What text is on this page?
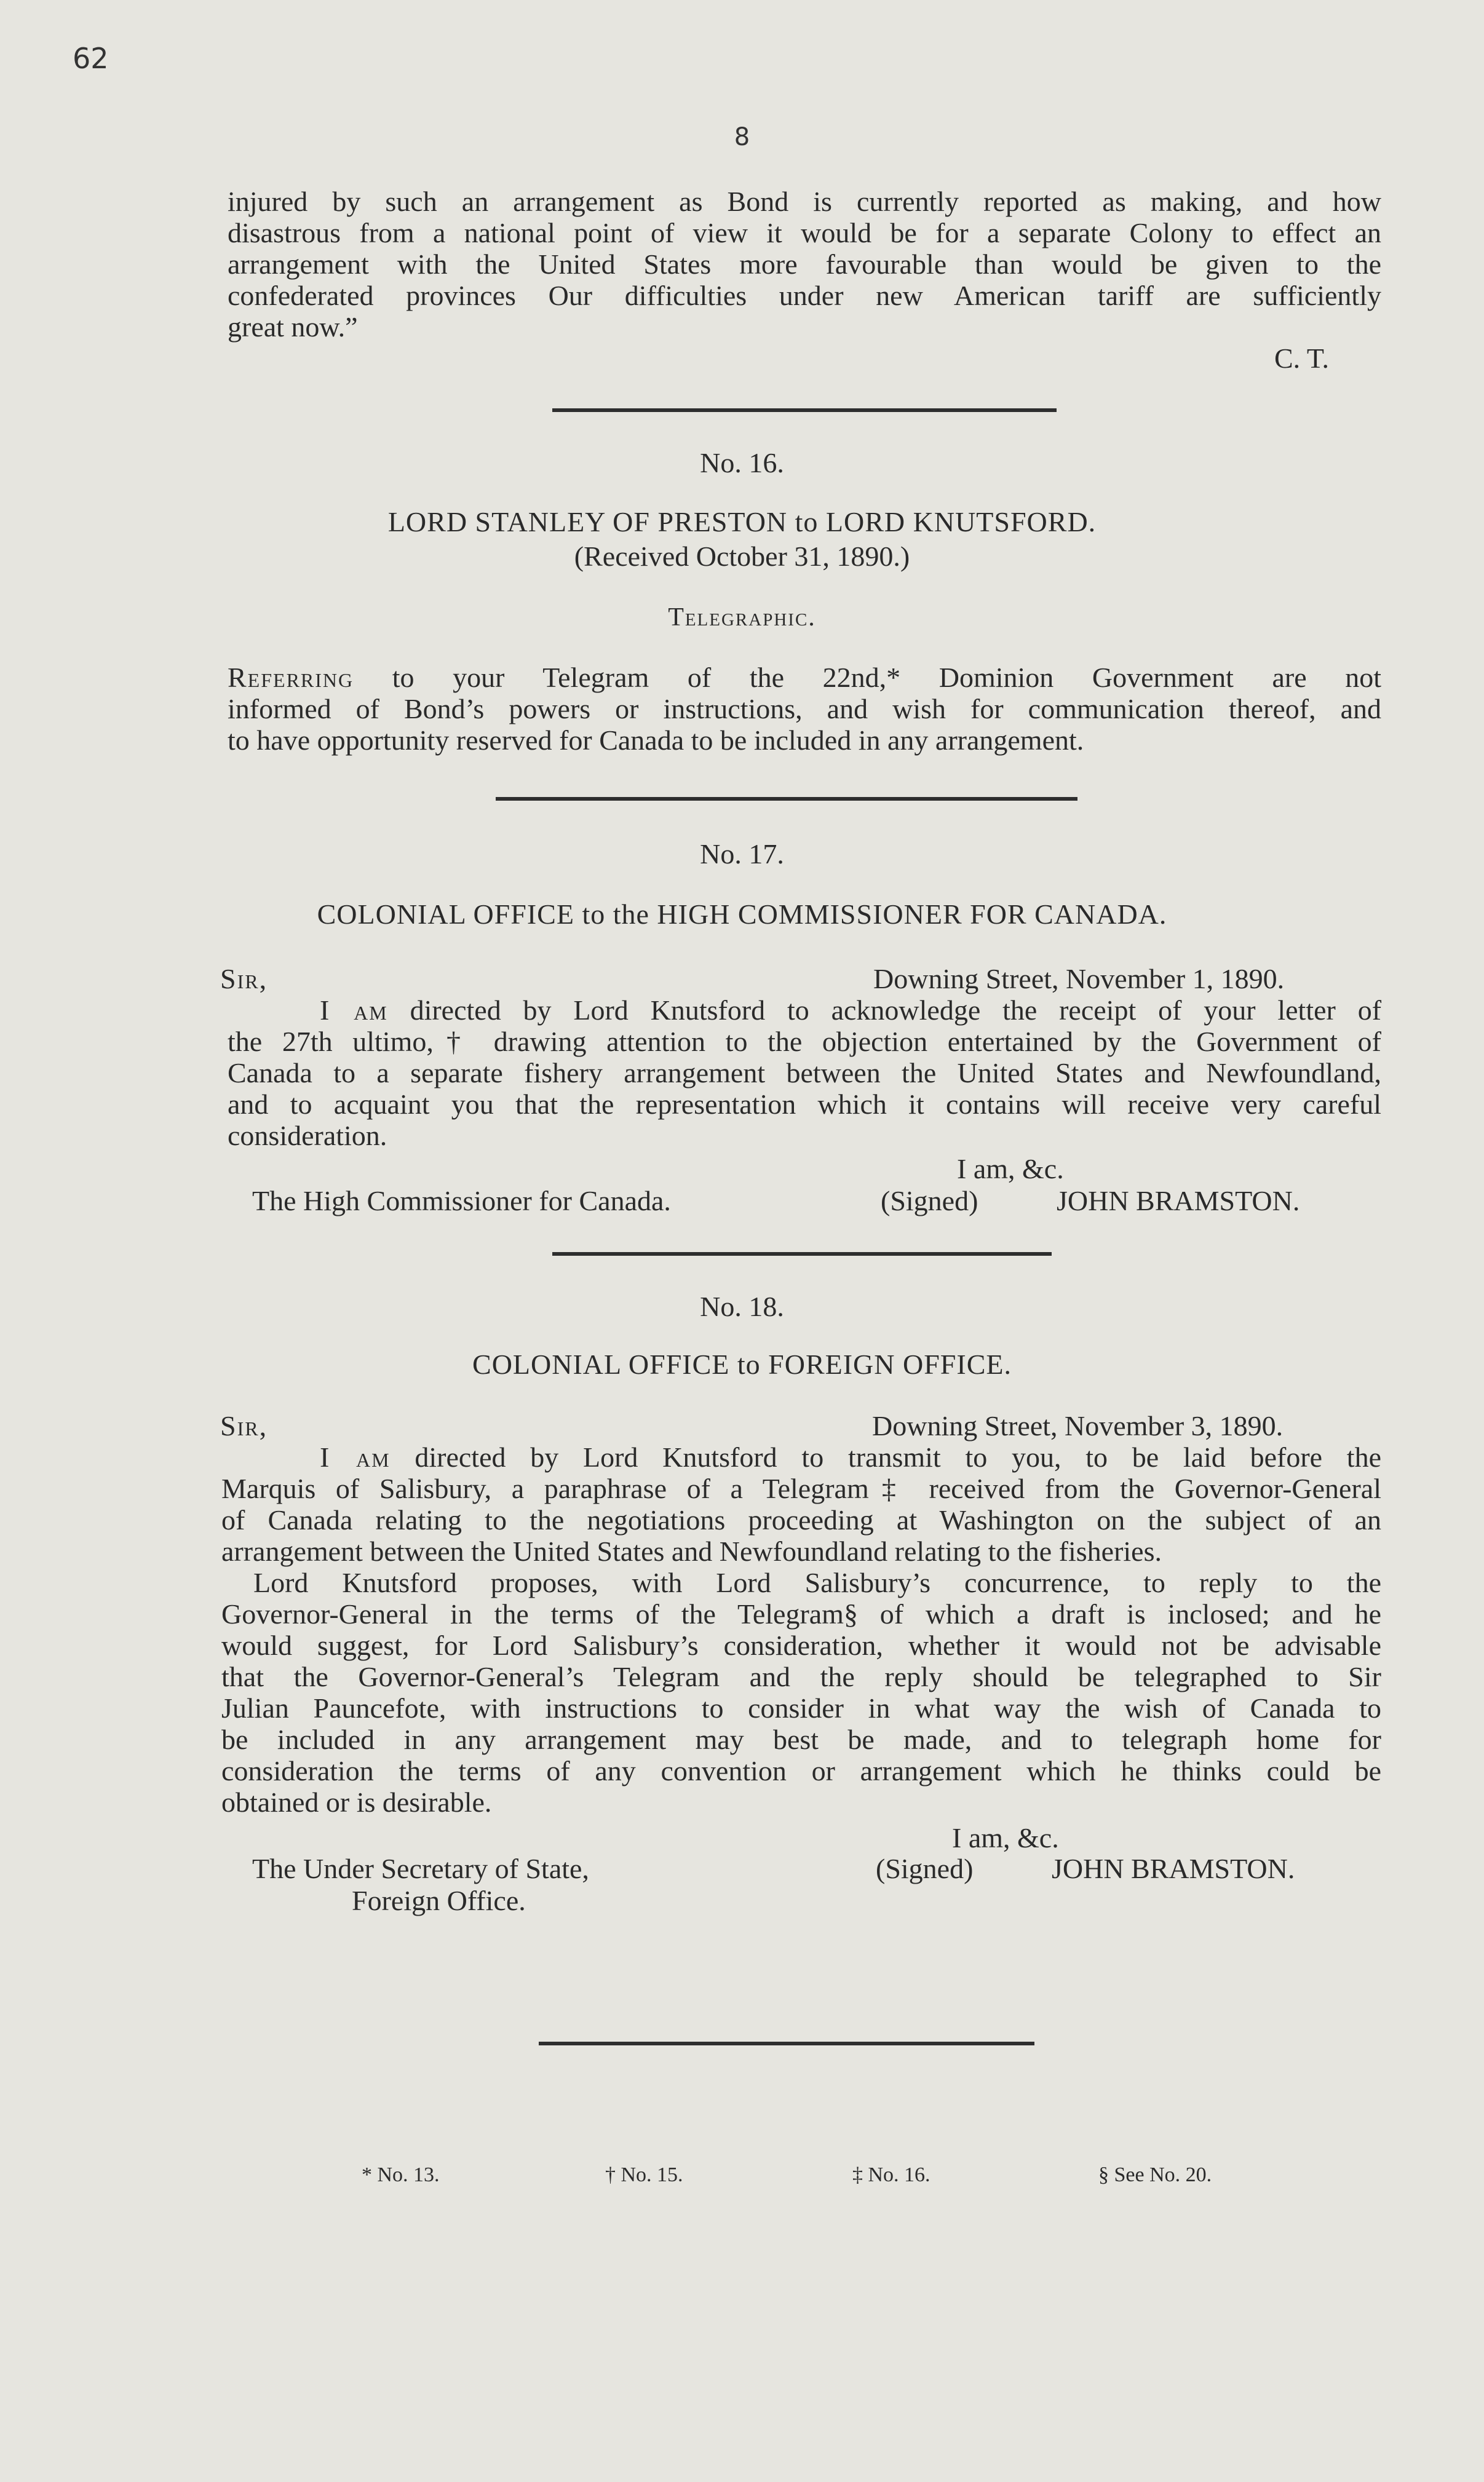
62
8
injured by such an arrangement as Bond is currently reported as making, and how
disastrous from a national point of view it would be for a separate Colony to effect an
arrangement with the United States more favourable than would be given to the
confederated provinces Our difficulties under new American tariff are sufficiently
great now.”
C. T.
No. 16.
LORD STANLEY OF PRESTON to LORD KNUTSFORD.
(Received October 31, 1890.)
Telegraphic.
Referring to your Telegram of the 22nd,* Dominion Government are not
informed of Bond’s powers or instructions, and wish for communication thereof, and
to have opportunity reserved for Canada to be included in any arrangement.
No. 17.
COLONIAL OFFICE to the HIGH COMMISSIONER FOR CANADA.
Sir,	Downing Street, November 1, 1890.
I am directed by Lord Knutsford to acknowledge the receipt of your letter of
the 27th ultimo,† drawing attention to the objection entertained by the Government of
Canada to a separate fishery arrangement between the United States and Newfoundland,
and to acquaint you that the representation which it contains will receive very careful
consideration.
I am, &c.
The High Commissioner for Canada.	(Signed)	JOHN BRAMSTON.
No. 18.
COLONIAL OFFICE to FOREIGN OFFICE.
Sir,	Downing Street, November 3, 1890.
I am directed by Lord Knutsford to transmit to you, to be laid before the
Marquis of Salisbury, a paraphrase of a Telegram‡ received from the Governor-General
of Canada relating to the negotiations proceeding at Washington on the subject of an
arrangement between the United States and Newfoundland relating to the fisheries.
Lord Knutsford proposes, with Lord Salisbury’s concurrence, to reply to the
Governor-General in the terms of the Telegram§ of which a draft is inclosed; and he
would suggest, for Lord Salisbury’s consideration, whether it would not be advisable
that the Governor-General’s Telegram and the reply should be telegraphed to Sir
Julian Pauncefote, with instructions to consider in what way the wish of Canada to
be included in any arrangement may best be made, and to telegraph home for
consideration the terms of any convention or arrangement which he thinks could be
obtained or is desirable.
I am, &c.
The Under Secretary of State,
Foreign Office.
(Signed)	JOHN BRAMSTON.
* No. 13.	† No. 15.	‡ No. 16.	§ See No. 20.
